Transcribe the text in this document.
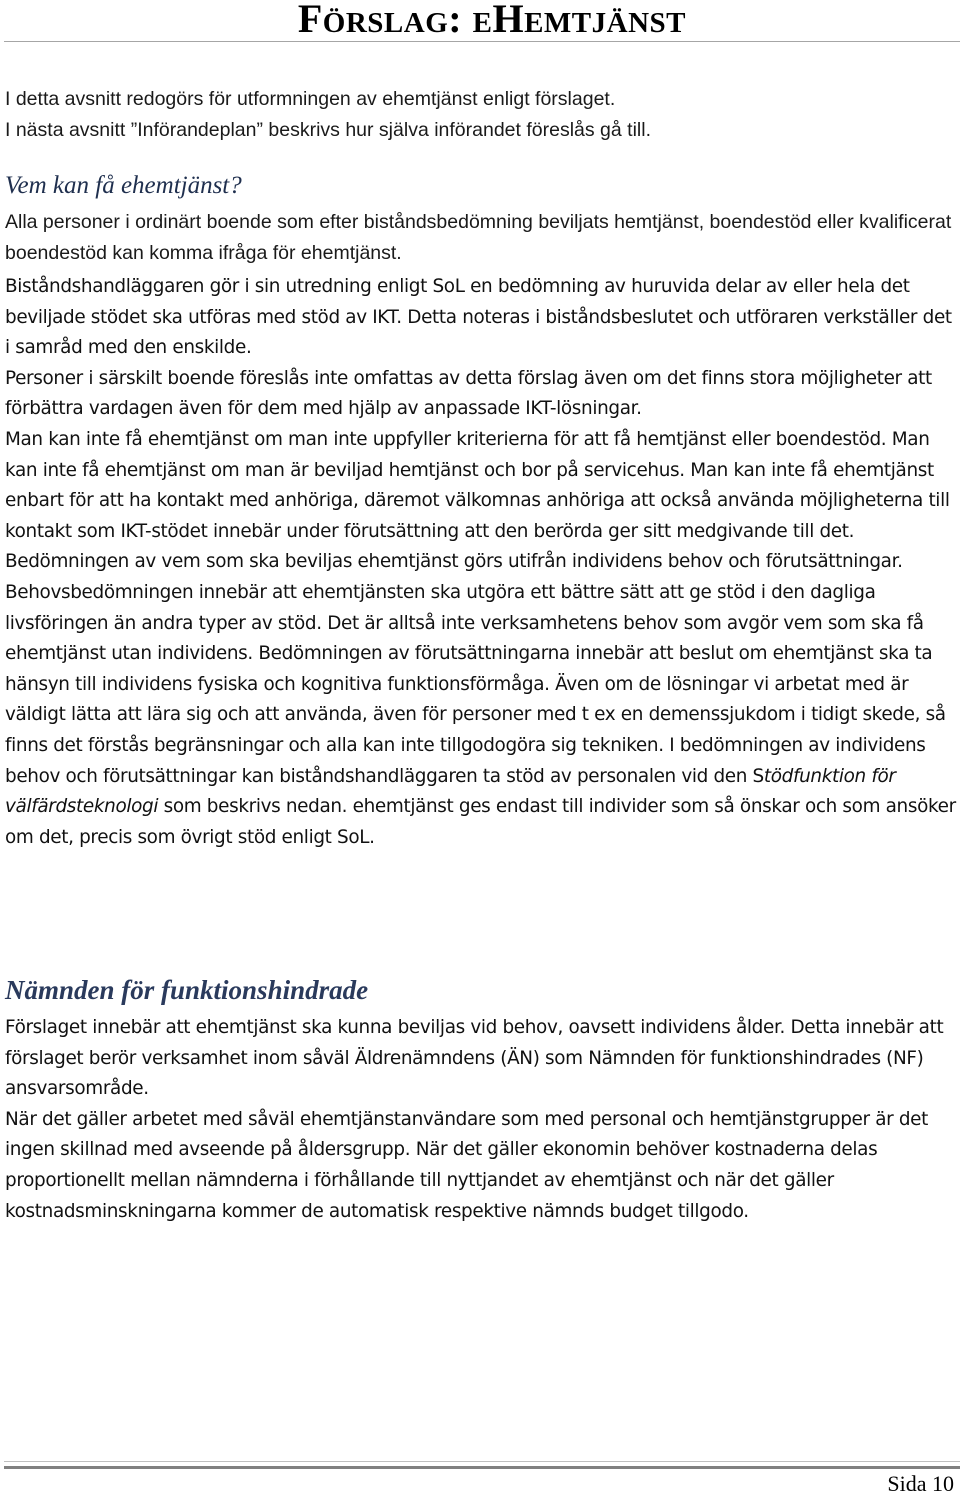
FÖRSLAG: EHEMTJÄNST

I detta avsnitt redogörs för utformningen av ehemtjänst enligt förslaget.
I nästa avsnitt ”Införandeplan” beskrivs hur själva införandet föreslås gå till.

Vem kan få ehemtjänst?

Alla personer i ordinärt boende som efter biståndsbedömning beviljats hemtjänst, boendestöd eller kvalificerat boendestöd kan komma ifråga för ehemtjänst.

Biståndshandläggaren gör i sin utredning enligt SoL en bedömning av huruvida delar av eller hela det beviljade stödet ska utföras med stöd av IKT. Detta noteras i biståndsbeslutet och utföraren verkställer det i samråd med den enskilde.
Personer i särskilt boende föreslås inte omfattas av detta förslag även om det finns stora möjligheter att förbättra vardagen även för dem med hjälp av anpassade IKT-lösningar.
Man kan inte få ehemtjänst om man inte uppfyller kriterierna för att få hemtjänst eller boendestöd. Man kan inte få ehemtjänst om man är beviljad hemtjänst och bor på servicehus. Man kan inte få ehemtjänst enbart för att ha kontakt med anhöriga, däremot välkomnas anhöriga att också använda möjligheterna till kontakt som IKT-stödet innebär under förutsättning att den berörda ger sitt medgivande till det.
Bedömningen av vem som ska beviljas ehemtjänst görs utifrån individens behov och förutsättningar. Behovsbedömningen innebär att ehemtjänsten ska utgöra ett bättre sätt att ge stöd i den dagliga livsföringen än andra typer av stöd. Det är alltså inte verksamhetens behov som avgör vem som ska få ehemtjänst utan individens. Bedömningen av förutsättningarna innebär att beslut om ehemtjänst ska ta hänsyn till individens fysiska och kognitiva funktionsförmåga. Även om de lösningar vi arbetat med är väldigt lätta att lära sig och att använda, även för personer med t ex en demenssjukdom i tidigt skede, så finns det förstås begränsningar och alla kan inte tillgodogöra sig tekniken. I bedömningen av individens behov och förutsättningar kan biståndshandläggaren ta stöd av personalen vid den Stödfunktion för välfärdsteknologi som beskrivs nedan. ehemtjänst ges endast till individer som så önskar och som ansöker om det, precis som övrigt stöd enligt SoL.

Nämnden för funktionshindrade

Förslaget innebär att ehemtjänst ska kunna beviljas vid behov, oavsett individens ålder. Detta innebär att förslaget berör verksamhet inom såväl Äldrenämndens (ÄN) som Nämnden för funktionshindrades (NF) ansvarsområde.
När det gäller arbetet med såväl ehemtjänstanvändare som med personal och hemtjänstgrupper är det ingen skillnad med avseende på åldersgrupp. När det gäller ekonomin behöver kostnaderna delas proportionellt mellan nämnderna i förhållande till nyttjandet av ehemtjänst och när det gäller kostnadsminskningarna kommer de automatisk respektive nämnds budget tillgodo.

Sida 10
